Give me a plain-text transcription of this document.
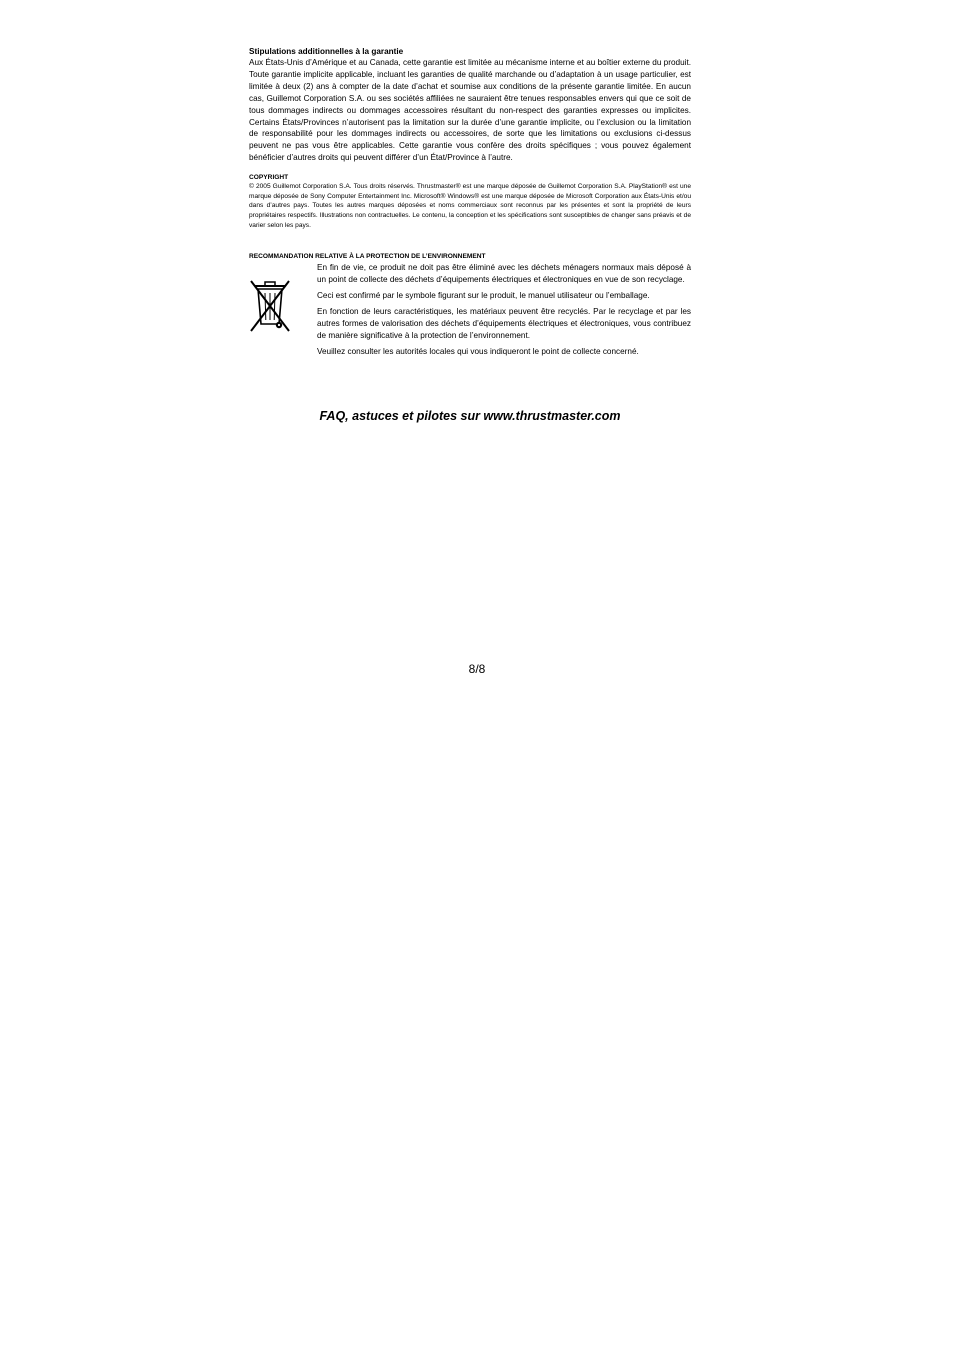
Stipulations additionnelles à la garantie

Aux États-Unis d’Amérique et au Canada, cette garantie est limitée au mécanisme interne et au boîtier externe du produit. Toute garantie implicite applicable, incluant les garanties de qualité marchande ou d’adaptation à un usage particulier, est limitée à deux (2) ans à compter de la date d’achat et soumise aux conditions de la présente garantie limitée. En aucun cas, Guillemot Corporation S.A. ou ses sociétés affiliées ne sauraient être tenues responsables envers qui que ce soit de tous dommages indirects ou dommages accessoires résultant du non-respect des garanties expresses ou implicites. Certains États/Provinces n’autorisent pas la limitation sur la durée d’une garantie implicite, ou l’exclusion ou la limitation de responsabilité pour les dommages indirects ou accessoires, de sorte que les limitations ou exclusions ci-dessus peuvent ne pas vous être applicables. Cette garantie vous confère des droits spécifiques ; vous pouvez également bénéficier d’autres droits qui peuvent différer d’un État/Province à l’autre.

COPYRIGHT

© 2005 Guillemot Corporation S.A. Tous droits réservés. Thrustmaster® est une marque déposée de Guillemot Corporation S.A. PlayStation® est une marque déposée de Sony Computer Entertainment Inc. Microsoft® Windows® est une marque déposée de Microsoft Corporation aux États-Unis et/ou dans d’autres pays. Toutes les autres marques déposées et noms commerciaux sont reconnus par les présentes et sont la propriété de leurs propriétaires respectifs. Illustrations non contractuelles. Le contenu, la conception et les spécifications sont susceptibles de changer sans préavis et de varier selon les pays.

RECOMMANDATION RELATIVE À LA PROTECTION DE L’ENVIRONNEMENT

En fin de vie, ce produit ne doit pas être éliminé avec les déchets ménagers normaux mais déposé à un point de collecte des déchets d’équipements électriques et électroniques en vue de son recyclage.

Ceci est confirmé par le symbole figurant sur le produit, le manuel utilisateur ou l’emballage.

En fonction de leurs caractéristiques, les matériaux peuvent être recyclés. Par le recyclage et par les autres formes de valorisation des déchets d’équipements électriques et électroniques, vous contribuez de manière significative à la protection de l’environnement.

Veuillez consulter les autorités locales qui vous indiqueront le point de collecte concerné.

FAQ, astuces et pilotes sur www.thrustmaster.com

8/8
